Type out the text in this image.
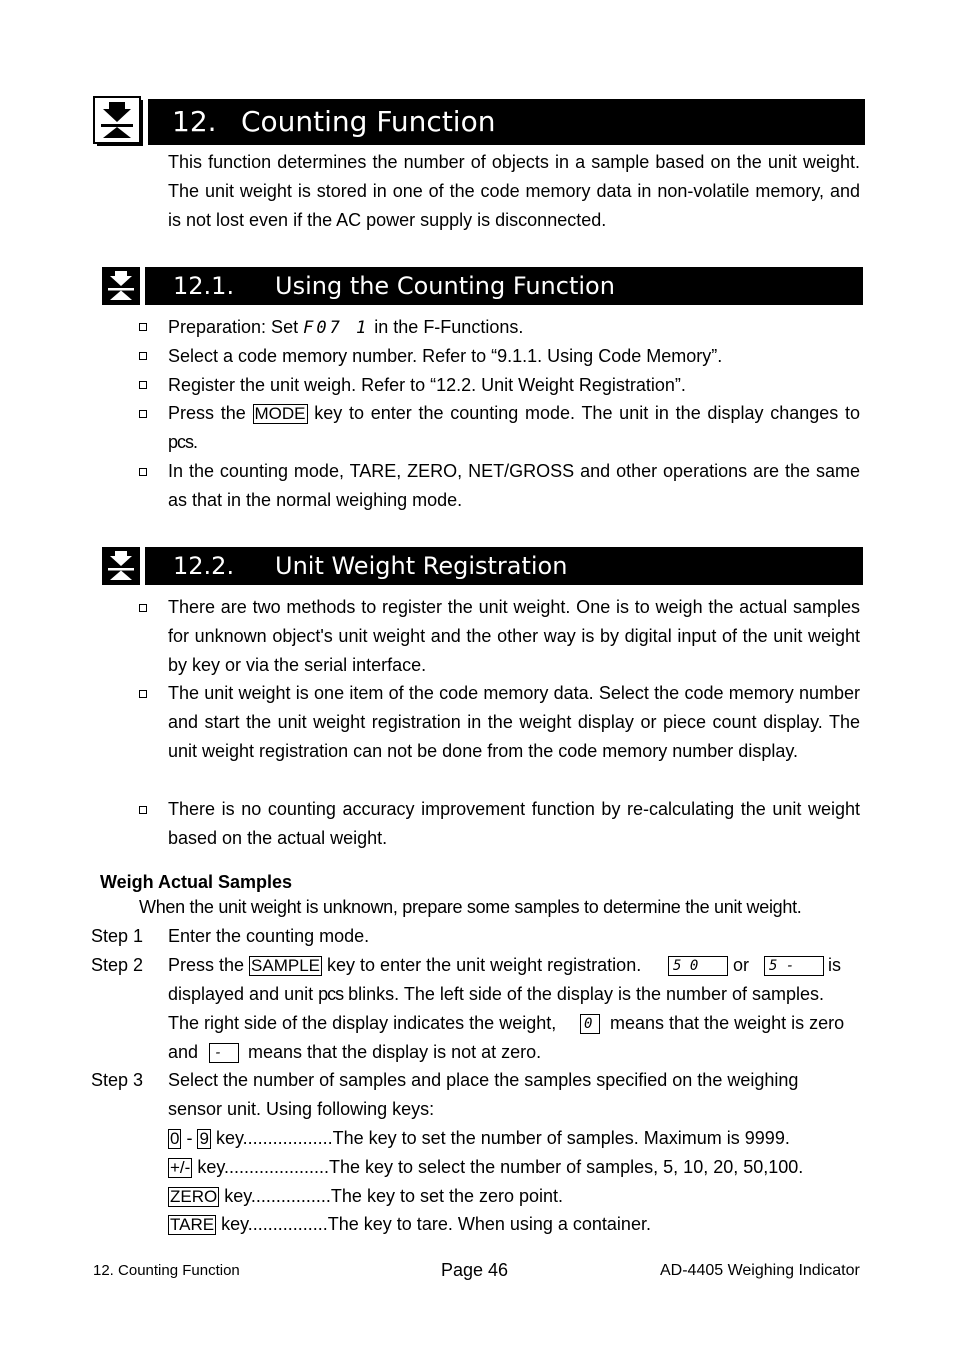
12. Counting Function
This function determines the number of objects in a sample based on the unit weight. The unit weight is stored in one of the code memory data in non-volatile memory, and is not lost even if the AC power supply is disconnected.
12.1. Using the Counting Function
Preparation: Set F07 1 in the F-Functions.
Select a code memory number. Refer to “9.1.1. Using Code Memory”.
Register the unit weigh. Refer to “12.2. Unit Weight Registration”.
Press the MODE key to enter the counting mode. The unit in the display changes to pcs.
In the counting mode, TARE, ZERO, NET/GROSS and other operations are the same as that in the normal weighing mode.
12.2. Unit Weight Registration
There are two methods to register the unit weight. One is to weigh the actual samples for unknown object's unit weight and the other way is by digital input of the unit weight by key or via the serial interface.
The unit weight is one item of the code memory data. Select the code memory number and start the unit weight registration in the weight display or piece count display. The unit weight registration can not be done from the code memory number display.
There is no counting accuracy improvement function by re-calculating the unit weight based on the actual weight.
Weigh Actual Samples
When the unit weight is unknown, prepare some samples to determine the unit weight.
Step 1 Enter the counting mode.
Step 2 Press the SAMPLE key to enter the unit weight registration.	5 0	or	5 -	is
displayed and unit pcs blinks. The left side of the display is the number of samples.
The right side of the display indicates the weight, 0 means that the weight is zero
and	-	means that the display is not at zero.
Step 3 Select the number of samples and place the samples specified on the weighing
sensor unit. Using following keys:
0 - 9 key..................The key to set the number of samples. Maximum is 9999.
+/- key.....................The key to select the number of samples, 5, 10, 20, 50,100.
ZERO key................The key to set the zero point.
TARE key................The key to tare. When using a container.
12. Counting Function	Page 46	AD-4405 Weighing Indicator
